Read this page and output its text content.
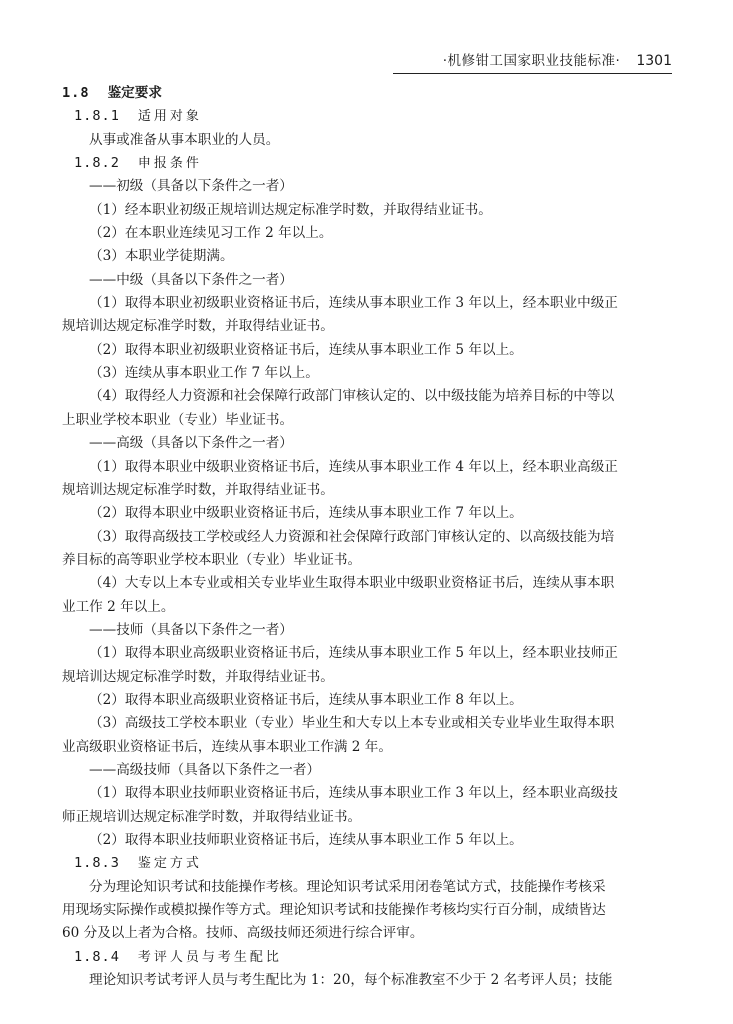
·机修钳工国家职业技能标准· 1301
1.8 鉴定要求
1.8.1 适用对象
从事或准备从事本职业的人员。
1.8.2 申报条件
——初级（具备以下条件之一者）
（1）经本职业初级正规培训达规定标准学时数，并取得结业证书。
（2）在本职业连续见习工作 2 年以上。
（3）本职业学徒期满。
——中级（具备以下条件之一者）
（1）取得本职业初级职业资格证书后，连续从事本职业工作 3 年以上，经本职业中级正
规培训达规定标准学时数，并取得结业证书。
（2）取得本职业初级职业资格证书后，连续从事本职业工作 5 年以上。
（3）连续从事本职业工作 7 年以上。
（4）取得经人力资源和社会保障行政部门审核认定的、以中级技能为培养目标的中等以
上职业学校本职业（专业）毕业证书。
——高级（具备以下条件之一者）
（1）取得本职业中级职业资格证书后，连续从事本职业工作 4 年以上，经本职业高级正
规培训达规定标准学时数，并取得结业证书。
（2）取得本职业中级职业资格证书后，连续从事本职业工作 7 年以上。
（3）取得高级技工学校或经人力资源和社会保障行政部门审核认定的、以高级技能为培
养目标的高等职业学校本职业（专业）毕业证书。
（4）大专以上本专业或相关专业毕业生取得本职业中级职业资格证书后，连续从事本职
业工作 2 年以上。
——技师（具备以下条件之一者）
（1）取得本职业高级职业资格证书后，连续从事本职业工作 5 年以上，经本职业技师正
规培训达规定标准学时数，并取得结业证书。
（2）取得本职业高级职业资格证书后，连续从事本职业工作 8 年以上。
（3）高级技工学校本职业（专业）毕业生和大专以上本专业或相关专业毕业生取得本职
业高级职业资格证书后，连续从事本职业工作满 2 年。
——高级技师（具备以下条件之一者）
（1）取得本职业技师职业资格证书后，连续从事本职业工作 3 年以上，经本职业高级技
师正规培训达规定标准学时数，并取得结业证书。
（2）取得本职业技师职业资格证书后，连续从事本职业工作 5 年以上。
1.8.3 鉴定方式
分为理论知识考试和技能操作考核。理论知识考试采用闭卷笔试方式，技能操作考核采
用现场实际操作或模拟操作等方式。理论知识考试和技能操作考核均实行百分制，成绩皆达
60 分及以上者为合格。技师、高级技师还须进行综合评审。
1.8.4 考评人员与考生配比
理论知识考试考评人员与考生配比为 1：20，每个标准教室不少于 2 名考评人员；技能
